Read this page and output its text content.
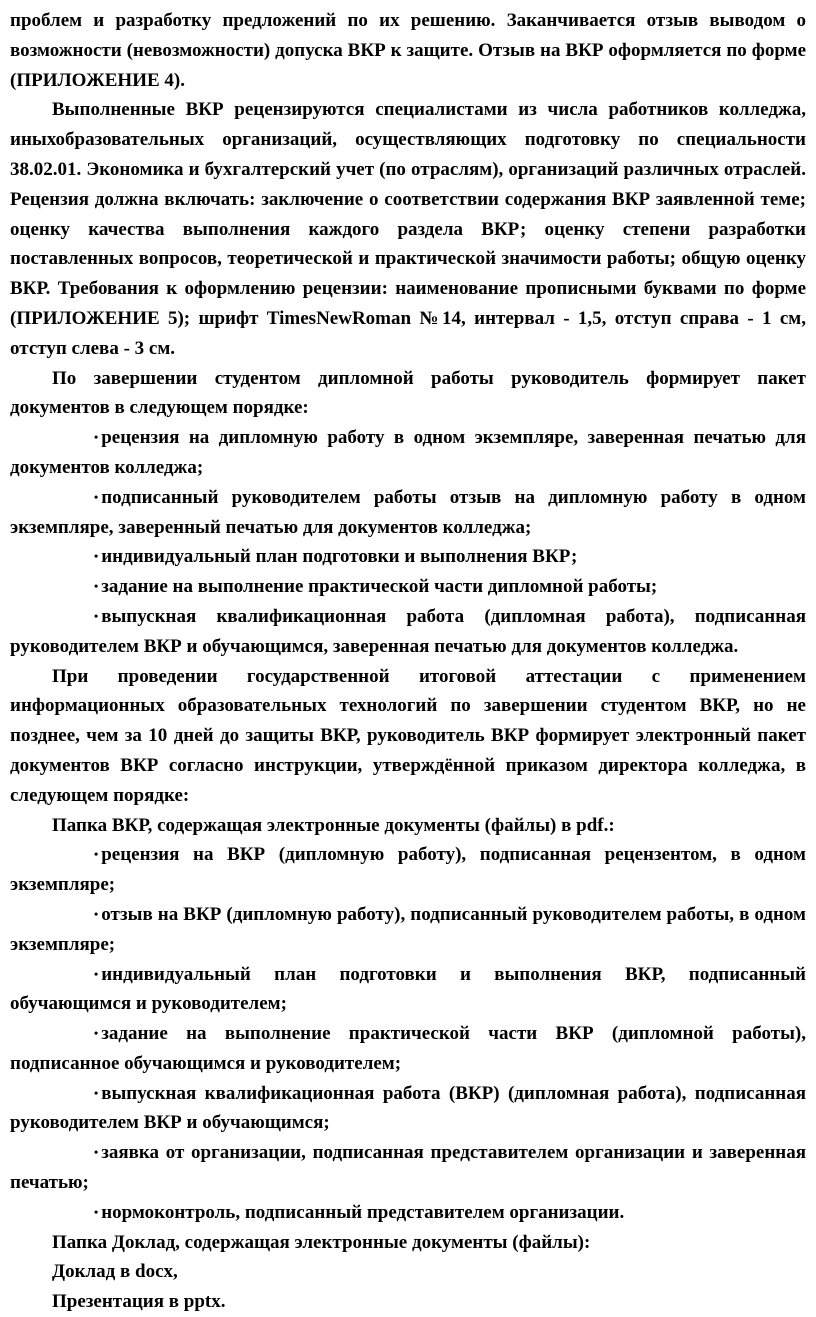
проблем и разработку предложений по их решению. Заканчивается отзыв выводом о возможности (невозможности) допуска ВКР к защите. Отзыв на ВКР оформляется по форме (ПРИЛОЖЕНИЕ 4).

Выполненные ВКР рецензируются специалистами из числа работников колледжа, иныхобразовательных организаций, осуществляющих подготовку по специальности 38.02.01. Экономика и бухгалтерский учет (по отраслям), организаций различных отраслей. Рецензия должна включать: заключение о соответствии содержания ВКР заявленной теме; оценку качества выполнения каждого раздела ВКР; оценку степени разработки поставленных вопросов, теоретической и практической значимости работы; общую оценку ВКР. Требования к оформлению рецензии: наименование прописными буквами по форме (ПРИЛОЖЕНИЕ 5); шрифт TimesNewRoman №14, интервал - 1,5, отступ справа - 1 см, отступ слева - 3 см.

По завершении студентом дипломной работы руководитель формирует пакет документов в следующем порядке:

• рецензия на дипломную работу в одном экземпляре, заверенная печатью для документов колледжа;

• подписанный руководителем работы отзыв на дипломную работу в одном экземпляре, заверенный печатью для документов колледжа;

• индивидуальный план подготовки и выполнения ВКР;

• задание на выполнение практической части дипломной работы;

• выпускная квалификационная работа (дипломная работа), подписанная руководителем ВКР и обучающимся, заверенная печатью для документов колледжа.

При проведении государственной итоговой аттестации с применением информационных образовательных технологий по завершении студентом ВКР, но не позднее, чем за 10 дней до защиты ВКР, руководитель ВКР формирует электронный пакет документов ВКР согласно инструкции, утверждённой приказом директора колледжа, в следующем порядке:

Папка ВКР, содержащая электронные документы (файлы) в pdf.:

• рецензия на ВКР (дипломную работу), подписанная рецензентом, в одном экземпляре;

• отзыв на ВКР (дипломную работу), подписанный руководителем работы, в одном экземпляре;

• индивидуальный план подготовки и выполнения ВКР, подписанный обучающимся и руководителем;

• задание на выполнение практической части ВКР (дипломной работы), подписанное обучающимся и руководителем;

• выпускная квалификационная работа (ВКР) (дипломная работа), подписанная руководителем ВКР и обучающимся;

• заявка от организации, подписанная представителем организации и заверенная печатью;

• нормоконтроль, подписанный представителем организации.

Папка Доклад, содержащая электронные документы (файлы):

Доклад в docx,

Презентация в pptx.
